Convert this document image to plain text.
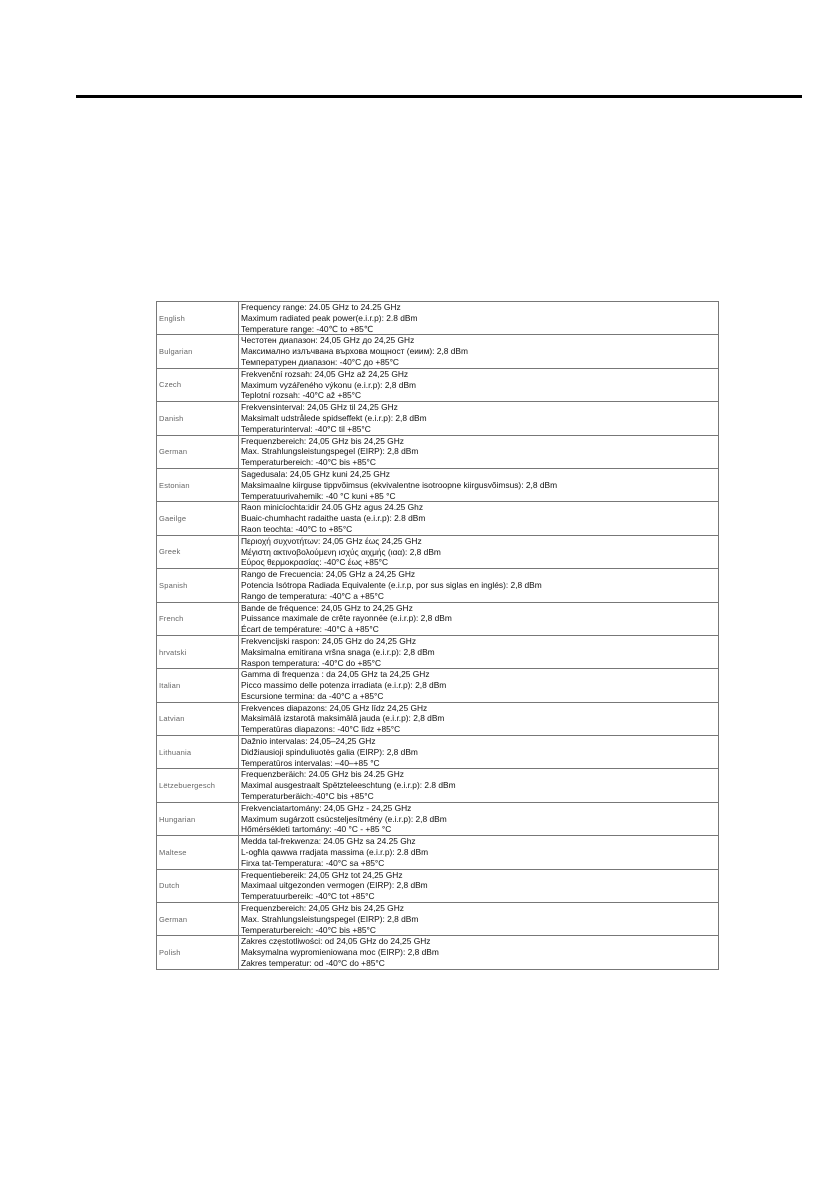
English	Frequency range: 24.05 GHz to 24.25 GHz
Maximum radiated peak power(e.i.r.p): 2.8 dBm
Temperature range: -40℃ to +85℃

Bulgarian	Честотен диапазон: 24,05 GHz до 24,25 GHz
Максимално излъчвана върхова мощност (еиим): 2,8 dBm
Температурен диапазон: -40°C до +85°C

Czech	Frekvenční rozsah: 24,05 GHz až 24,25 GHz
Maximum vyzářeného výkonu (e.i.r.p): 2,8 dBm
Teplotní rozsah: -40°C až +85°C

Danish	Frekvensinterval: 24,05 GHz til 24,25 GHz
Maksimalt udstrålede spidseffekt (e.i.r.p): 2,8 dBm
Temperaturinterval: -40°C til +85°C

German	Frequenzbereich: 24,05 GHz bis 24,25 GHz
Max. Strahlungsleistungspegel (EIRP): 2,8 dBm
Temperaturbereich: -40°C bis +85°C

Estonian	Sagedusala: 24,05 GHz kuni 24,25 GHz
Maksimaalne kiirguse tippvõimsus (ekvivalentne isotroopne kiirgusvõimsus): 2,8 dBm
Temperatuurivahemik: -40 °C kuni +85 °C

Gaeilge	Raon minicíochta:idir 24.05 GHz agus 24.25 Ghz
Buaic-chumhacht radaithe uasta (e.i.r.p): 2.8 dBm
Raon teochta: -40°C to +85°C

Greek	Περιοχή συχνοτήτων: 24,05 GHz έως 24,25 GHz
Μέγιστη ακτινοβολούμενη ισχύς αιχμής (ιαα): 2,8 dBm
Εύρος θερμοκρασίας: -40°C έως +85°C

Spanish	Rango de Frecuencia: 24,05 GHz a 24,25 GHz
Potencia Isótropa Radiada Equivalente (e.i.r.p, por sus siglas en inglés): 2,8 dBm
Rango de temperatura: -40°C a +85°C

French	Bande de fréquence: 24,05 GHz to 24,25 GHz
Puissance maximale de crête rayonnée (e.i.r.p): 2,8 dBm
Écart de température: -40°C à +85°C

hrvatski	Frekvencijski raspon: 24,05 GHz do 24,25 GHz
Maksimalna emitirana vršna snaga (e.i.r.p): 2,8 dBm
Raspon temperatura: -40°C do +85°C

Italian	Gamma di frequenza : da 24,05 GHz ta 24,25 GHz
Picco massimo delle potenza irradiata (e.i.r.p): 2,8 dBm
Escursione termina: da -40°C a +85°C

Latvian	Frekvences diapazons: 24,05 GHz līdz 24,25 GHz
Maksimālā izstarotā maksimālā jauda (e.i.r.p): 2,8 dBm
Temperatūras diapazons: -40°C līdz +85°C

Lithuania	Dažnio intervalas: 24,05–24,25 GHz
Didžiausioji spinduliuotės galia (EIRP): 2,8 dBm
Temperatūros intervalas: –40–+85 °C

Lëtzebuergesch	Frequenzberäich: 24.05 GHz bis 24.25 GHz
Maximal ausgestraalt Spëtzteleeschtung (e.i.r.p): 2.8 dBm
Temperaturberäich:-40°C bis +85°C

Hungarian	Frekvenciatartomány: 24,05 GHz - 24,25 GHz
Maximum sugárzott csúcsteljesítmény (e.i.r.p): 2,8 dBm
Hőmérsékleti tartomány: -40 °C - +85 °C

Maltese	Medda tal-frekwenza: 24.05 GHz sa 24.25 Ghz
L-ogħla qawwa rradjata massima (e.i.r.p): 2.8 dBm
Firxa tat-Temperatura: -40°C sa +85°C

Dutch	Frequentiebereik: 24,05 GHz tot 24,25 GHz
Maximaal uitgezonden vermogen (EIRP): 2,8 dBm
Temperatuurbereik: -40°C tot +85°C

German	Frequenzbereich: 24,05 GHz bis 24,25 GHz
Max. Strahlungsleistungspegel (EIRP): 2,8 dBm
Temperaturbereich: -40°C bis +85°C

Polish	Zakres częstotliwości: od 24,05 GHz do 24,25 GHz
Maksymalna wypromieniowana moc (EIRP): 2,8 dBm
Zakres temperatur: od -40°C do +85°C
